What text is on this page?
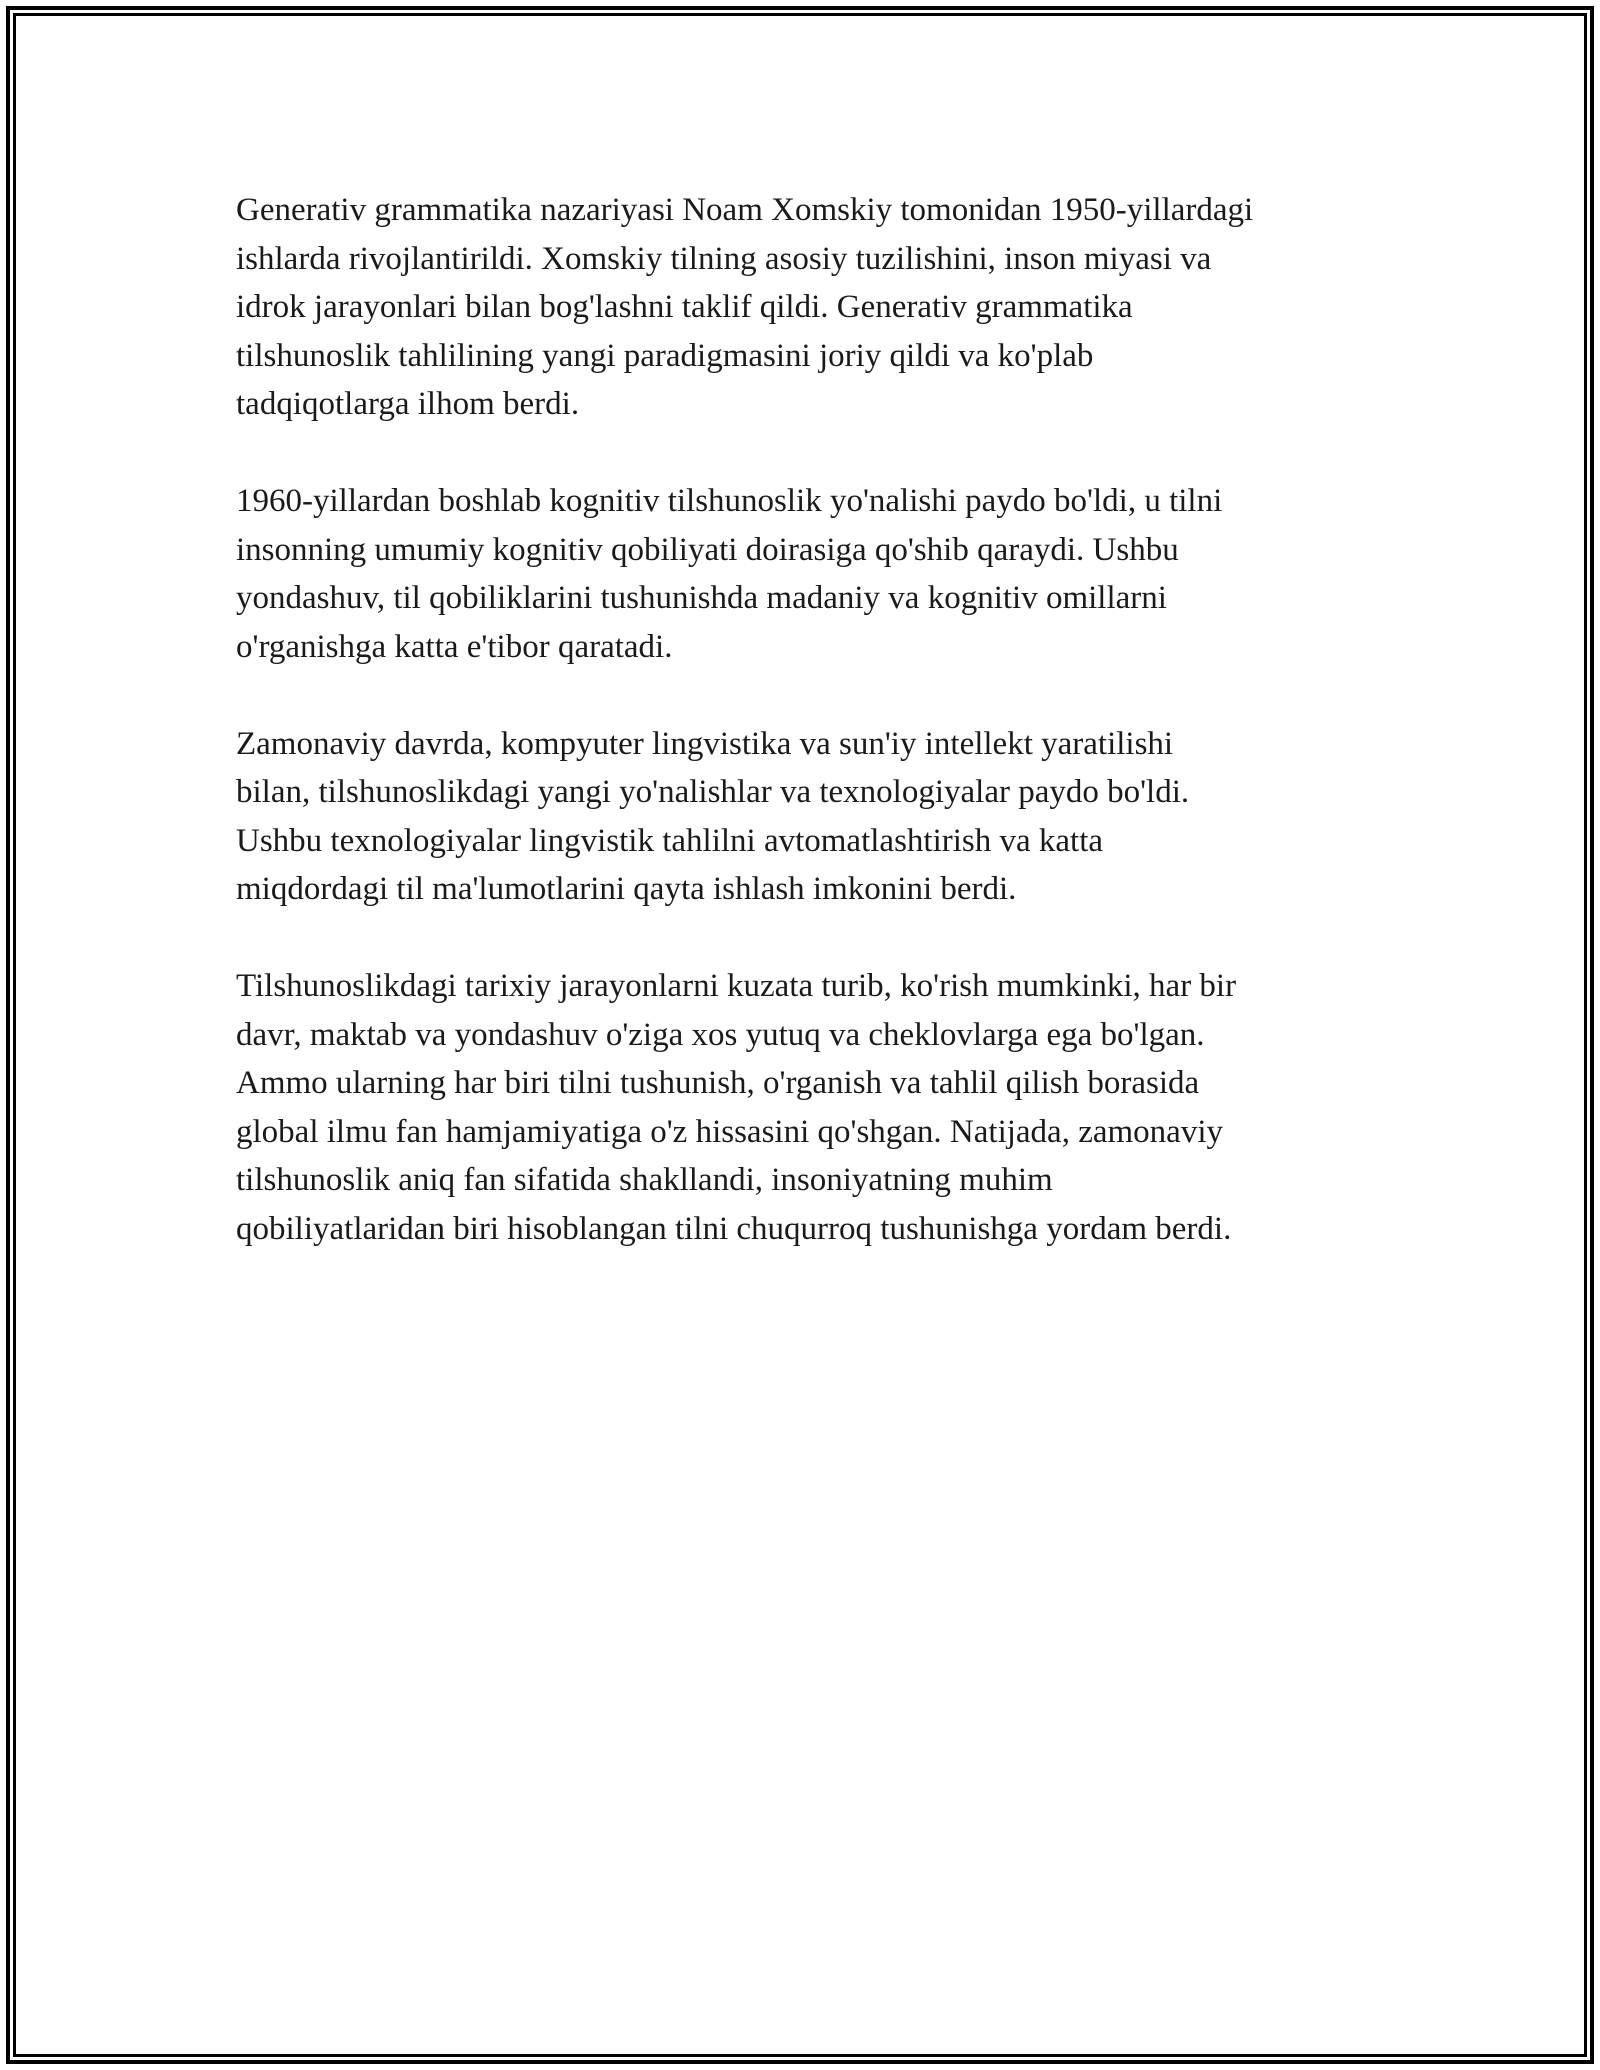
Generativ grammatika nazariyasi Noam Xomskiy tomonidan 1950-yillardagi
ishlarda rivojlantirildi. Xomskiy tilning asosiy tuzilishini, inson miyasi va
idrok jarayonlari bilan bog'lashni taklif qildi. Generativ grammatika
tilshunoslik tahlilining yangi paradigmasini joriy qildi va ko'plab
tadqiqotlarga ilhom berdi.

1960-yillardan boshlab kognitiv tilshunoslik yo'nalishi paydo bo'ldi, u tilni
insonning umumiy kognitiv qobiliyati doirasiga qo'shib qaraydi. Ushbu
yondashuv, til qobiliklarini tushunishda madaniy va kognitiv omillarni
o'rganishga katta e'tibor qaratadi.

Zamonaviy davrda, kompyuter lingvistika va sun'iy intellekt yaratilishi
bilan, tilshunoslikdagi yangi yo'nalishlar va texnologiyalar paydo bo'ldi.
Ushbu texnologiyalar lingvistik tahlilni avtomatlashtirish va katta
miqdordagi til ma'lumotlarini qayta ishlash imkonini berdi.

Tilshunoslikdagi tarixiy jarayonlarni kuzata turib, ko'rish mumkinki, har bir
davr, maktab va yondashuv o'ziga xos yutuq va cheklovlarga ega bo'lgan.
Ammo ularning har biri tilni tushunish, o'rganish va tahlil qilish borasida
global ilmu fan hamjamiyatiga o'z hissasini qo'shgan. Natijada, zamonaviy
tilshunoslik aniq fan sifatida shakllandi, insoniyatning muhim
qobiliyatlaridan biri hisoblangan tilni chuqurroq tushunishga yordam berdi.
